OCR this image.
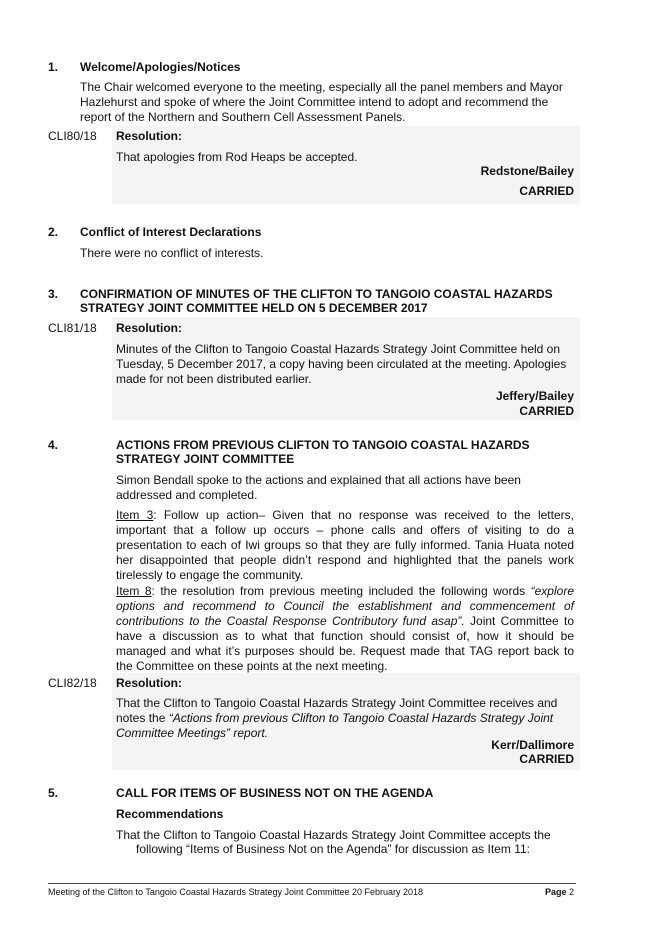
1. Welcome/Apologies/Notices
The Chair welcomed everyone to the meeting, especially all the panel members and Mayor Hazlehurst and spoke of where the Joint Committee intend to adopt and recommend the report of the Northern and Southern Cell Assessment Panels.
CLI80/18 Resolution:
That apologies from Rod Heaps be accepted.
Redstone/Bailey
CARRIED
2. Conflict of Interest Declarations
There were no conflict of interests.
3. CONFIRMATION OF MINUTES OF THE CLIFTON TO TANGOIO COASTAL HAZARDS
STRATEGY JOINT COMMITTEE HELD ON 5 DECEMBER 2017
CLI81/18 Resolution:
Minutes of the Clifton to Tangoio Coastal Hazards Strategy Joint Committee held on Tuesday, 5 December 2017, a copy having been circulated at the meeting. Apologies made for not been distributed earlier.
Jeffery/Bailey
CARRIED
4.	ACTIONS FROM PREVIOUS CLIFTON TO TANGOIO COASTAL HAZARDS
STRATEGY JOINT COMMITTEE
Simon Bendall spoke to the actions and explained that all actions have been addressed and completed.
Item 3: Follow up action– Given that no response was received to the letters, important that a follow up occurs – phone calls and offers of visiting to do a presentation to each of Iwi groups so that they are fully informed. Tania Huata noted her disappointed that people didn’t respond and highlighted that the panels work tirelessly to engage the community.
Item 8: the resolution from previous meeting included the following words “explore options and recommend to Council the establishment and commencement of contributions to the Coastal Response Contributory fund asap”. Joint Committee to have a discussion as to what that function should consist of, how it should be managed and what it’s purposes should be. Request made that TAG report back to the Committee on these points at the next meeting.
CLI82/18 Resolution:
That the Clifton to Tangoio Coastal Hazards Strategy Joint Committee receives and notes the “Actions from previous Clifton to Tangoio Coastal Hazards Strategy Joint Committee Meetings” report.
Kerr/Dallimore
CARRIED
5.	CALL FOR ITEMS OF BUSINESS NOT ON THE AGENDA
Recommendations
That the Clifton to Tangoio Coastal Hazards Strategy Joint Committee accepts the
following “Items of Business Not on the Agenda” for discussion as Item 11:
Meeting of the Clifton to Tangoio Coastal Hazards Strategy Joint Committee 20 February 2018	Page 2
